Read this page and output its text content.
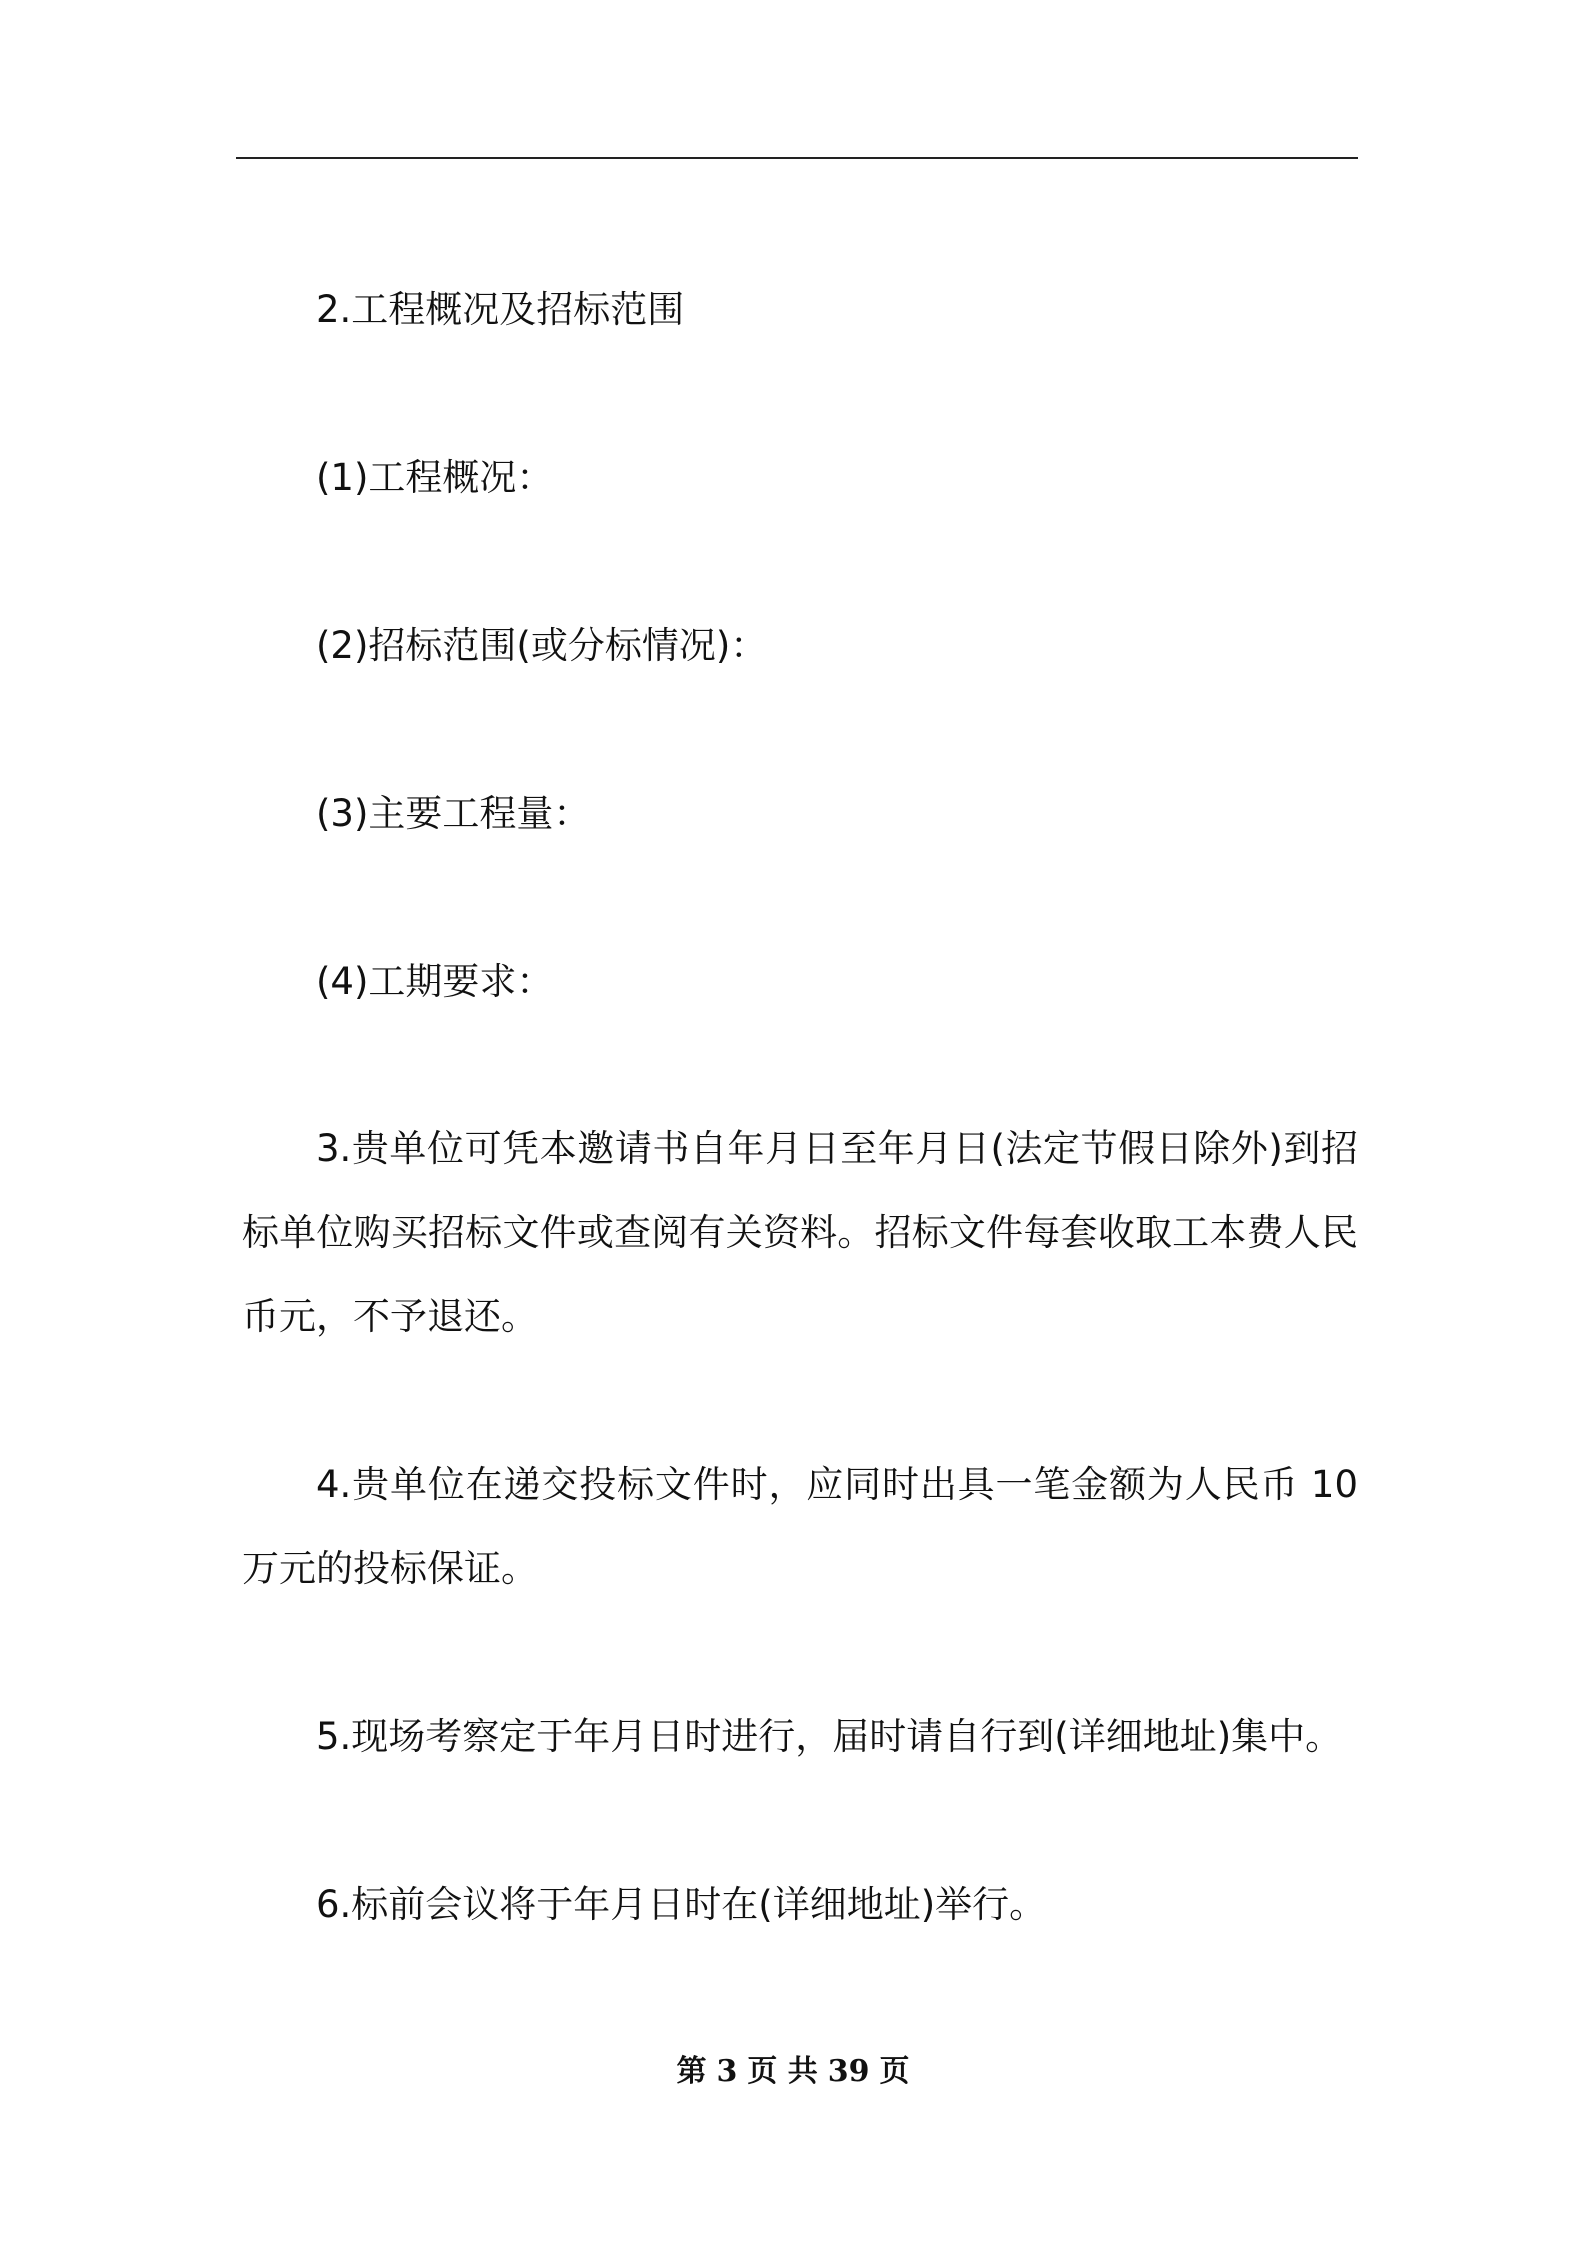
2.工程概况及招标范围

(1)工程概况：

(2)招标范围(或分标情况)：

(3)主要工程量：

(4)工期要求：

3.贵单位可凭本邀请书自年月日至年月日(法定节假日除外)到招标单位购买招标文件或查阅有关资料。招标文件每套收取工本费人民币元，不予退还。

4.贵单位在递交投标文件时，应同时出具一笔金额为人民币 10 万元的投标保证。

5.现场考察定于年月日时进行，届时请自行到(详细地址)集中。

6.标前会议将于年月日时在(详细地址)举行。

第 3 页 共 39 页
